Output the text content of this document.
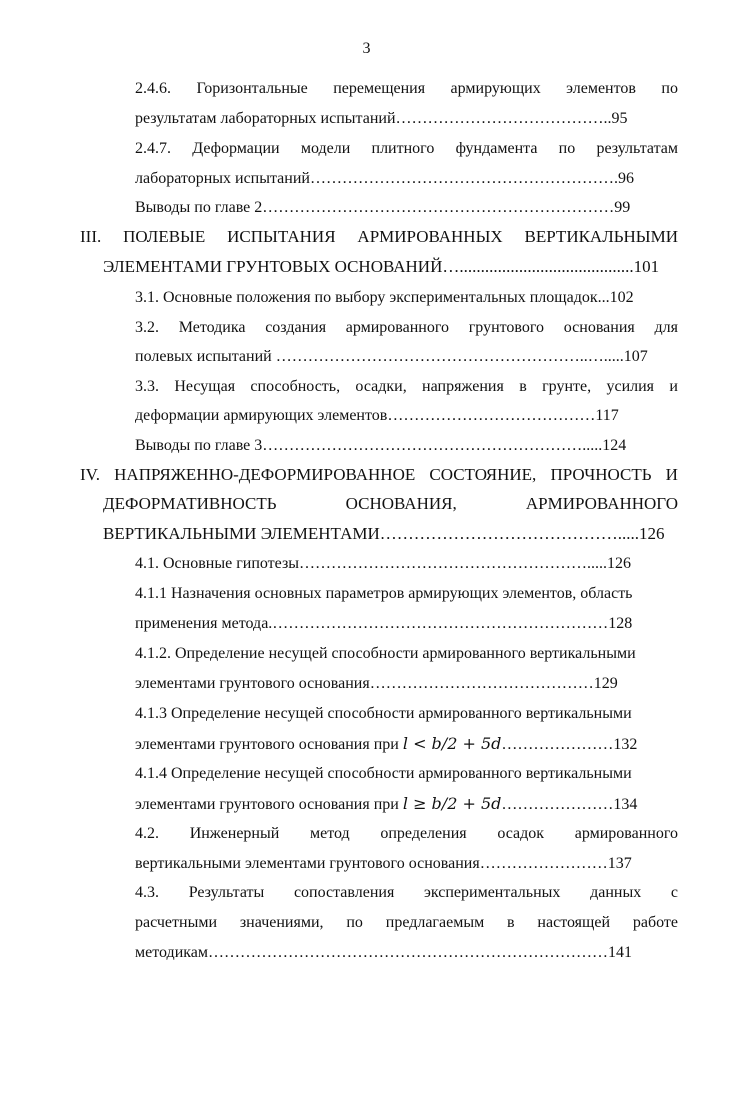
3
2.4.6. Горизонтальные перемещения армирующих элементов по
результатам лабораторных испытаний…………………………………..95
2.4.7. Деформации модели плитного фундамента по результатам
лабораторных испытаний………………………………………………….96
Выводы по главе 2…………………………………………………………99
III. ПОЛЕВЫЕ ИСПЫТАНИЯ АРМИРОВАННЫХ ВЕРТИКАЛЬНЫМИ
ЭЛЕМЕНТАМИ ГРУНТОВЫХ ОСНОВАНИЙ….........................................101
3.1. Основные положения по выбору экспериментальных площадок...102
3.2. Методика создания армированного грунтового основания для
полевых испытаний …………………………………………………..….....107
3.3. Несущая способность, осадки, напряжения в грунте, усилия и
деформации армирующих элементов…………………………………117
Выводы по главе 3…………………………………………………….....124
IV. НАПРЯЖЕННО-ДЕФОРМИРОВАННОЕ СОСТОЯНИЕ, ПРОЧНОСТЬ И
ДЕФОРМАТИВНОСТЬ	ОСНОВАНИЯ,	АРМИРОВАННОГО
ВЕРТИКАЛЬНЫМИ ЭЛЕМЕНТАМИ…………………………………….....126
4.1. Основные гипотезы……………………………………………….....126
4.1.1 Назначения основных параметров армирующих элементов, область
применения метода.………………………………………………………128
4.1.2. Определение несущей способности армированного вертикальными
элементами грунтового основания……………………………………129
4.1.3 Определение несущей способности армированного вертикальными
элементами грунтового основания при l < b/2 + 5d…………………132
4.1.4 Определение несущей способности армированного вертикальными
элементами грунтового основания при l ≥ b/2 + 5d…………………134
4.2. Инженерный метод определения осадок армированного
вертикальными элементами грунтового основания……………………137
4.3. Результаты сопоставления экспериментальных данных с
расчетными значениями, по предлагаемым в настоящей работе
методикам…………………………………………………………………141
